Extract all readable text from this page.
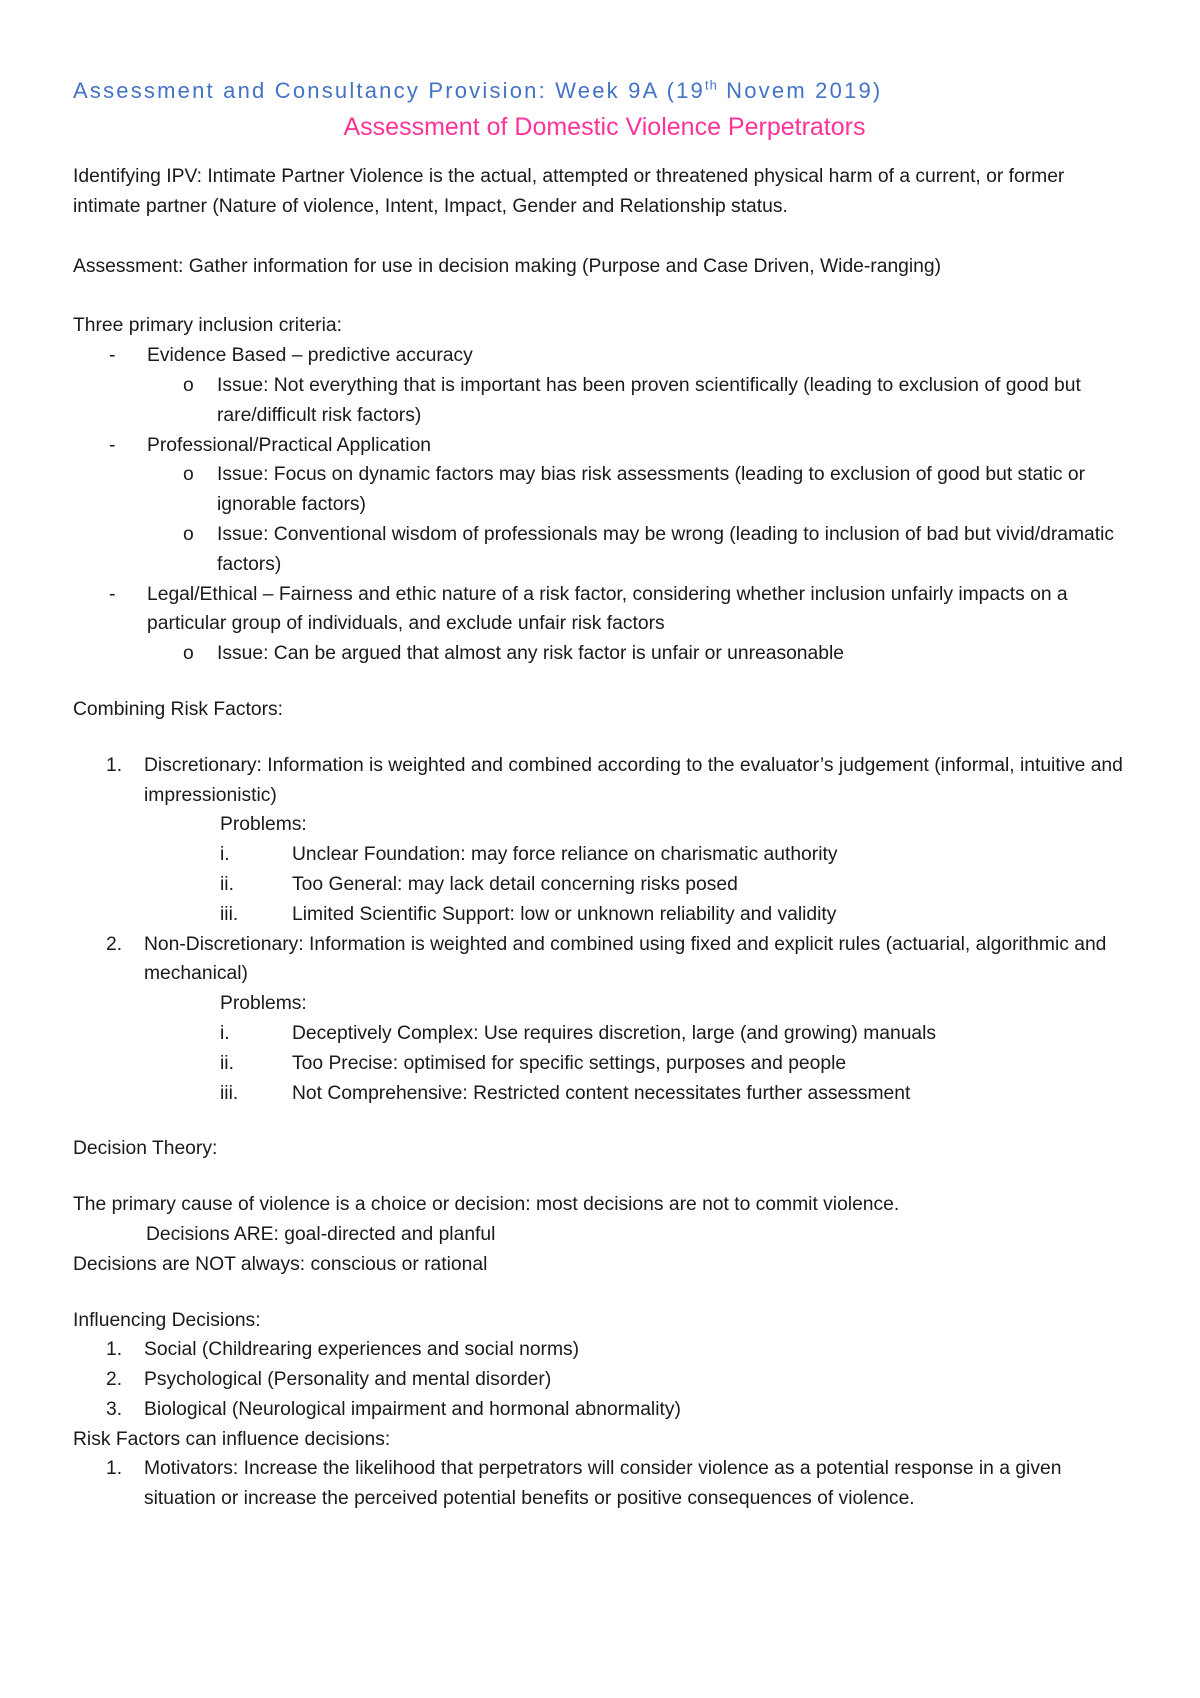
Assessment and Consultancy Provision: Week 9A (19th Novem 2019)

Assessment of Domestic Violence Perpetrators

Identifying IPV: Intimate Partner Violence is the actual, attempted or threatened physical harm of a current, or former intimate partner (Nature of violence, Intent, Impact, Gender and Relationship status.

Assessment: Gather information for use in decision making (Purpose and Case Driven, Wide-ranging)

Three primary inclusion criteria:

-	Evidence Based – predictive accuracy
o	Issue: Not everything that is important has been proven scientifically (leading to exclusion of good but rare/difficult risk factors)
-	Professional/Practical Application
o	Issue: Focus on dynamic factors may bias risk assessments (leading to exclusion of good but static or ignorable factors)
o	Issue: Conventional wisdom of professionals may be wrong (leading to inclusion of bad but vivid/dramatic factors)
-	Legal/Ethical – Fairness and ethic nature of a risk factor, considering whether inclusion unfairly impacts on a particular group of individuals, and exclude unfair risk factors
o	Issue: Can be argued that almost any risk factor is unfair or unreasonable

Combining Risk Factors:

1.	Discretionary: Information is weighted and combined according to the evaluator’s judgement (informal, intuitive and impressionistic)

Problems:

i.	Unclear Foundation: may force reliance on charismatic authority
ii.	Too General: may lack detail concerning risks posed
iii.	Limited Scientific Support: low or unknown reliability and validity
2.	Non-Discretionary: Information is weighted and combined using fixed and explicit rules (actuarial, algorithmic and mechanical)

Problems:

i.	Deceptively Complex: Use requires discretion, large (and growing) manuals
ii.	Too Precise: optimised for specific settings, purposes and people
iii.	Not Comprehensive: Restricted content necessitates further assessment

Decision Theory:

The primary cause of violence is a choice or decision: most decisions are not to commit violence.

Decisions ARE: goal-directed and planful

Decisions are NOT always: conscious or rational

Influencing Decisions:

1.	Social (Childrearing experiences and social norms)
2.	Psychological (Personality and mental disorder)
3.	Biological (Neurological impairment and hormonal abnormality)

Risk Factors can influence decisions:

1.	Motivators: Increase the likelihood that perpetrators will consider violence as a potential response in a given situation or increase the perceived potential benefits or positive consequences of violence.
